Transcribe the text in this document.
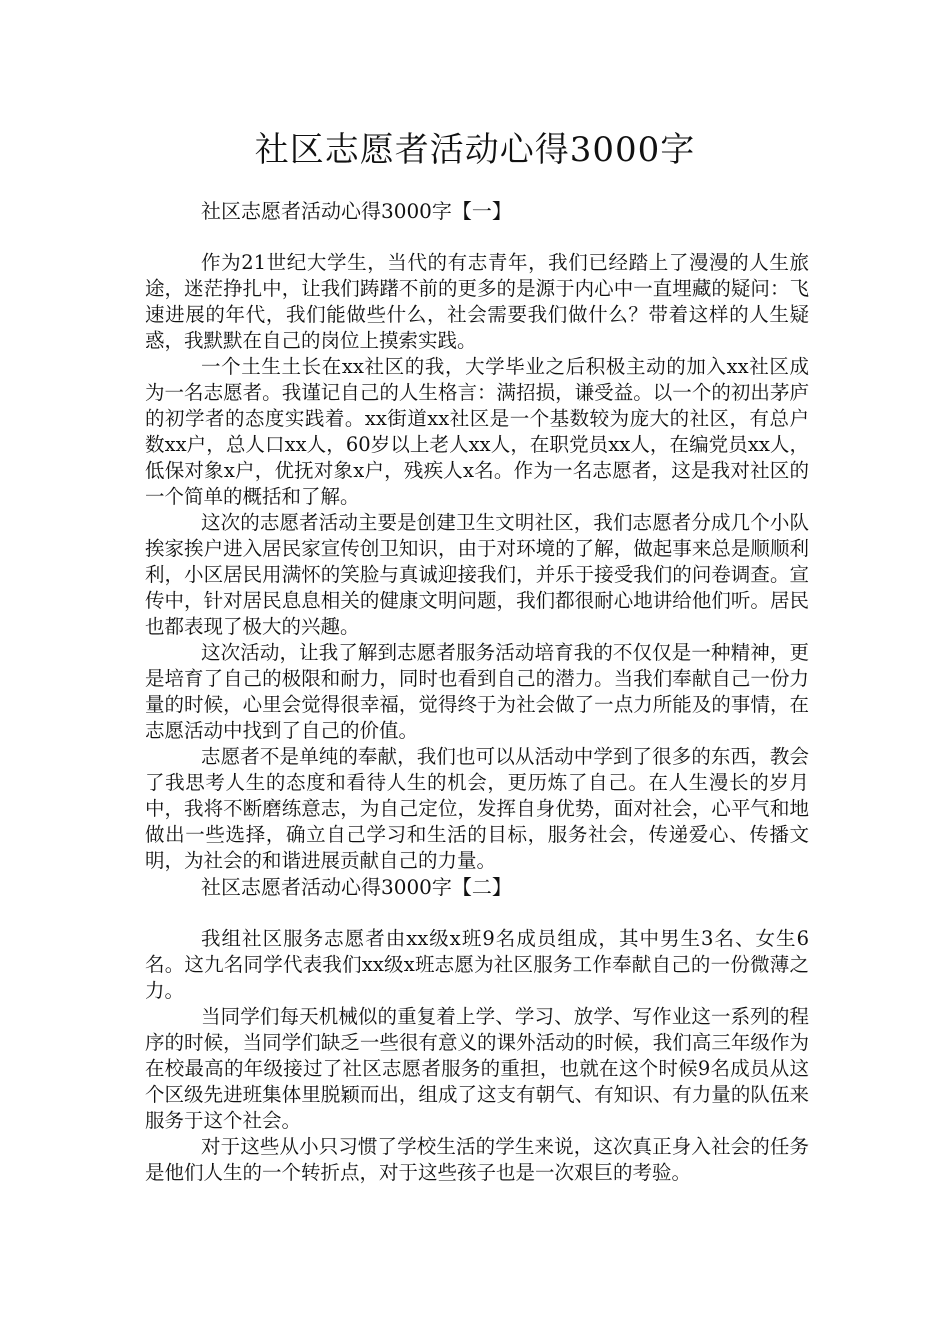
社区志愿者活动心得3000字
社区志愿者活动心得3000字【一】

作为21世纪大学生，当代的有志青年，我们已经踏上了漫漫的人生旅途，迷茫挣扎中，让我们踌躇不前的更多的是源于内心中一直埋藏的疑问：飞速进展的年代，我们能做些什么，社会需要我们做什么？带着这样的人生疑惑，我默默在自己的岗位上摸索实践。

一个土生土长在xx社区的我，大学毕业之后积极主动的加入xx社区成为一名志愿者。我谨记自己的人生格言：满招损，谦受益。以一个的初出茅庐的初学者的态度实践着。xx街道xx社区是一个基数较为庞大的社区，有总户数xx户，总人口xx人，60岁以上老人xx人，在职党员xx人，在编党员xx人，低保对象x户，优抚对象x户，残疾人x名。作为一名志愿者，这是我对社区的一个简单的概括和了解。

这次的志愿者活动主要是创建卫生文明社区，我们志愿者分成几个小队挨家挨户进入居民家宣传创卫知识，由于对环境的了解，做起事来总是顺顺利利，小区居民用满怀的笑脸与真诚迎接我们，并乐于接受我们的问卷调查。宣传中，针对居民息息相关的健康文明问题，我们都很耐心地讲给他们听。居民也都表现了极大的兴趣。

这次活动，让我了解到志愿者服务活动培育我的不仅仅是一种精神，更是培育了自己的极限和耐力，同时也看到自己的潜力。当我们奉献自己一份力量的时候，心里会觉得很幸福，觉得终于为社会做了一点力所能及的事情，在志愿活动中找到了自己的价值。

志愿者不是单纯的奉献，我们也可以从活动中学到了很多的东西，教会了我思考人生的态度和看待人生的机会，更历炼了自己。在人生漫长的岁月中，我将不断磨练意志，为自己定位，发挥自身优势，面对社会，心平气和地做出一些选择，确立自己学习和生活的目标，服务社会，传递爱心、传播文明，为社会的和谐进展贡献自己的力量。

社区志愿者活动心得3000字【二】

我组社区服务志愿者由xx级x班9名成员组成，其中男生3名、女生6名。这九名同学代表我们xx级x班志愿为社区服务工作奉献自己的一份微薄之力。

当同学们每天机械似的重复着上学、学习、放学、写作业这一系列的程序的时候，当同学们缺乏一些很有意义的课外活动的时候，我们高三年级作为在校最高的年级接过了社区志愿者服务的重担，也就在这个时候9名成员从这个区级先进班集体里脱颖而出，组成了这支有朝气、有知识、有力量的队伍来服务于这个社会。

对于这些从小只习惯了学校生活的学生来说，这次真正身入社会的任务是他们人生的一个转折点，对于这些孩子也是一次艰巨的考验。
